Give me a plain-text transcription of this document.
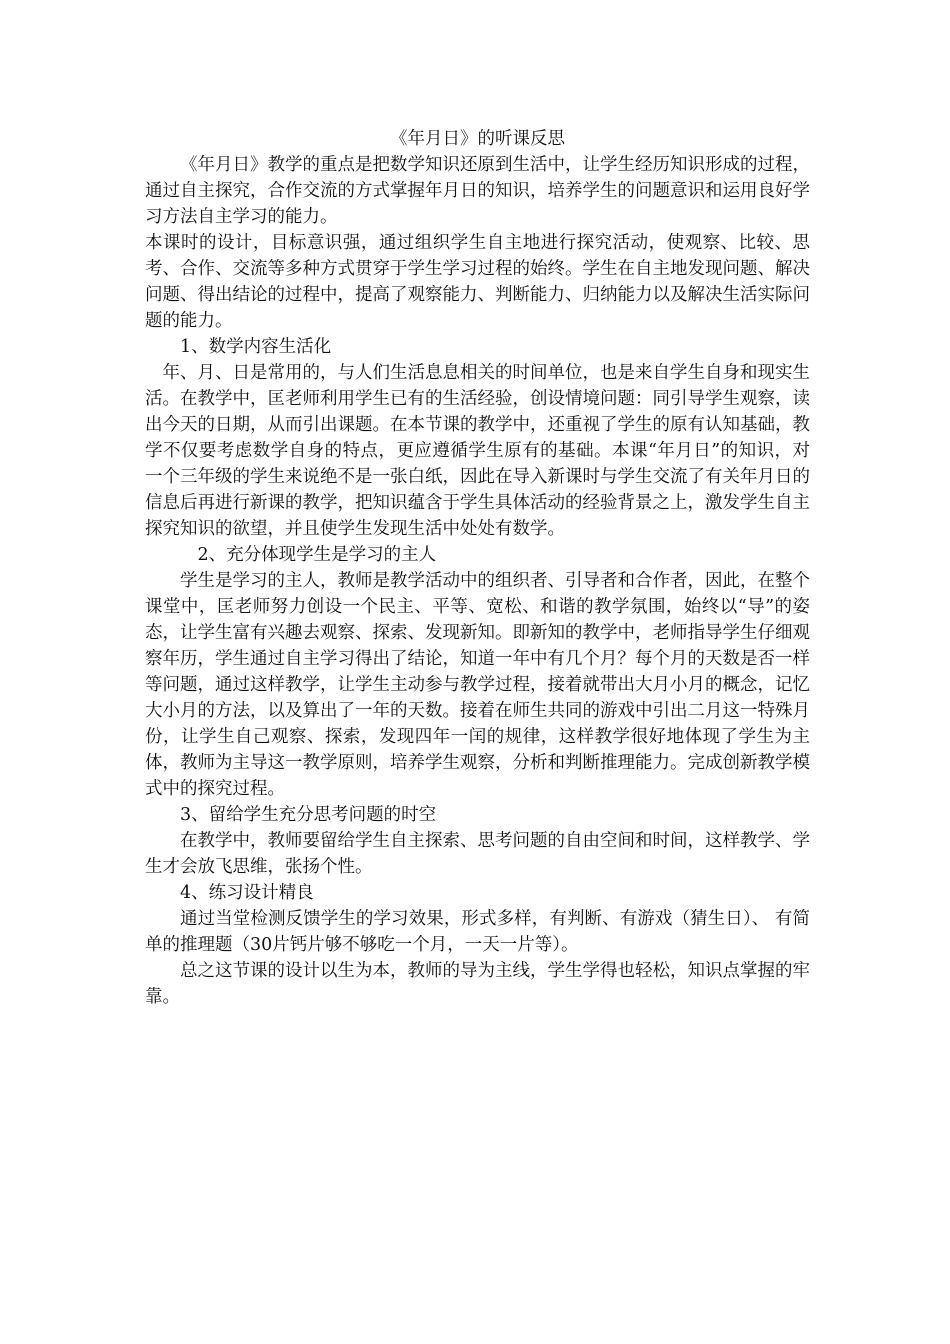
《年月日》的听课反思

《年月日》教学的重点是把数学知识还原到生活中，让学生经历知识形成的过程，通过自主探究，合作交流的方式掌握年月日的知识，培养学生的问题意识和运用良好学习方法自主学习的能力。

本课时的设计，目标意识强，通过组织学生自主地进行探究活动，使观察、比较、思考、合作、交流等多种方式贯穿于学生学习过程的始终。学生在自主地发现问题、解决问题、得出结论的过程中，提高了观察能力、判断能力、归纳能力以及解决生活实际问题的能力。

1、数学内容生活化

年、月、日是常用的，与人们生活息息相关的时间单位，也是来自学生自身和现实生活。在教学中，匡老师利用学生已有的生活经验，创设情境问题：同引导学生观察，读出今天的日期，从而引出课题。在本节课的教学中，还重视了学生的原有认知基础，教学不仅要考虑数学自身的特点，更应遵循学生原有的基础。本课“年月日”的知识，对一个三年级的学生来说绝不是一张白纸，因此在导入新课时与学生交流了有关年月日的信息后再进行新课的教学，把知识蕴含于学生具体活动的经验背景之上，激发学生自主探究知识的欲望，并且使学生发现生活中处处有数学。

2、充分体现学生是学习的主人

学生是学习的主人，教师是教学活动中的组织者、引导者和合作者，因此，在整个课堂中，匡老师努力创设一个民主、平等、宽松、和谐的教学氛围，始终以“导”的姿态，让学生富有兴趣去观察、探索、发现新知。即新知的教学中，老师指导学生仔细观察年历，学生通过自主学习得出了结论，知道一年中有几个月？每个月的天数是否一样等问题，通过这样教学，让学生主动参与教学过程，接着就带出大月小月的概念，记忆大小月的方法，以及算出了一年的天数。接着在师生共同的游戏中引出二月这一特殊月份，让学生自己观察、探索，发现四年一闰的规律，这样教学很好地体现了学生为主体，教师为主导这一教学原则，培养学生观察，分析和判断推理能力。完成创新教学模式中的探究过程。

3、留给学生充分思考问题的时空

在教学中，教师要留给学生自主探索、思考问题的自由空间和时间，这样教学、学生才会放飞思维，张扬个性。

4、练习设计精良

通过当堂检测反馈学生的学习效果，形式多样，有判断、有游戏（猜生日）、 有简单的推理题（30片钙片够不够吃一个月，一天一片等）。

总之这节课的设计以生为本，教师的导为主线，学生学得也轻松，知识点掌握的牢靠。
